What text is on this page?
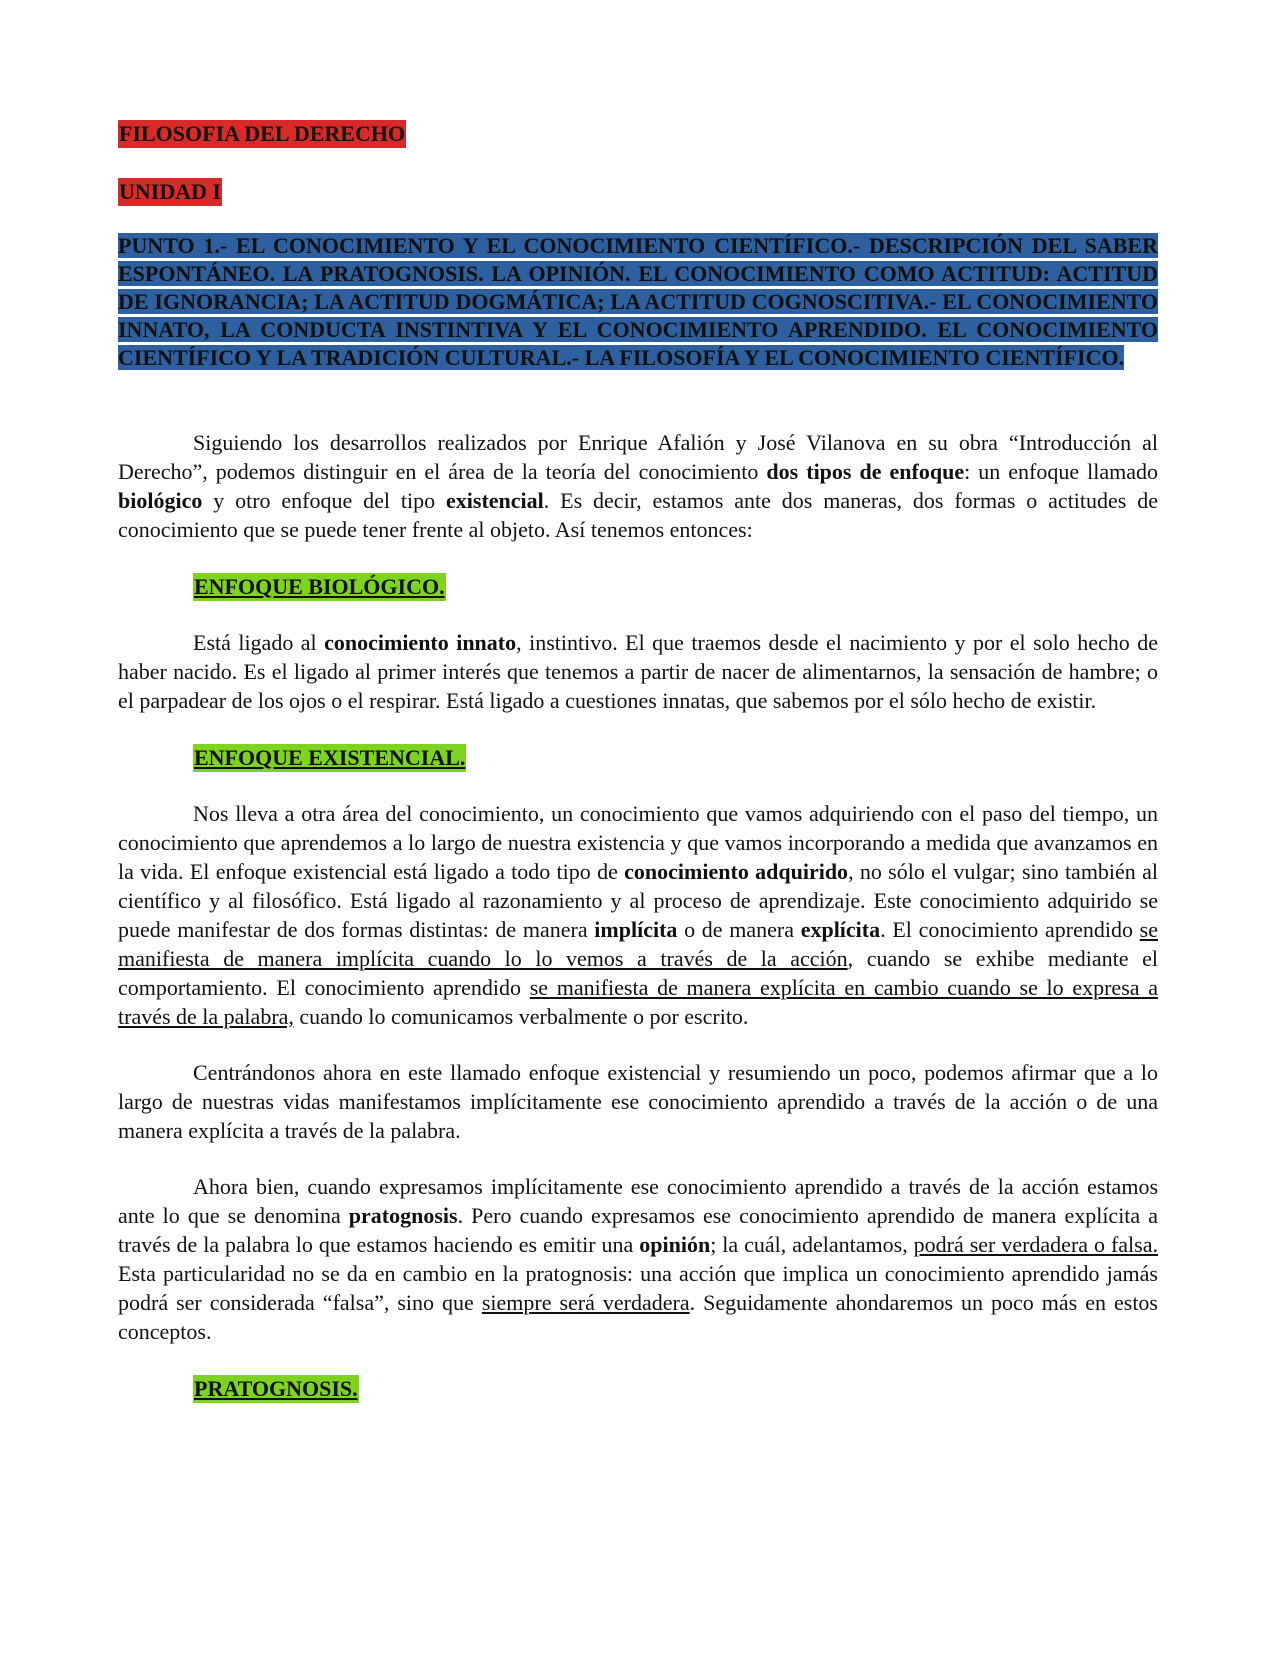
FILOSOFIA DEL DERECHO
UNIDAD I
PUNTO 1.- EL CONOCIMIENTO Y EL CONOCIMIENTO CIENTÍFICO.- DESCRIPCIÓN DEL SABER ESPONTÁNEO. LA PRATOGNOSIS. LA OPINIÓN. EL CONOCIMIENTO COMO ACTITUD: ACTITUD DE IGNORANCIA; LA ACTITUD DOGMÁTICA; LA ACTITUD COGNOSCITIVA.- EL CONOCIMIENTO INNATO, LA CONDUCTA INSTINTIVA Y EL CONOCIMIENTO APRENDIDO. EL CONOCIMIENTO CIENTÍFICO Y LA TRADICIÓN CULTURAL.- LA FILOSOFÍA Y EL CONOCIMIENTO CIENTÍFICO.

Siguiendo los desarrollos realizados por Enrique Afalión y José Vilanova en su obra “Introducción al Derecho”, podemos distinguir en el área de la teoría del conocimiento dos tipos de enfoque: un enfoque llamado biológico y otro enfoque del tipo existencial. Es decir, estamos ante dos maneras, dos formas o actitudes de conocimiento que se puede tener frente al objeto. Así tenemos entonces:

ENFOQUE BIOLÓGICO.

Está ligado al conocimiento innato, instintivo. El que traemos desde el nacimiento y por el solo hecho de haber nacido. Es el ligado al primer interés que tenemos a partir de nacer de alimentarnos, la sensación de hambre; o el parpadear de los ojos o el respirar. Está ligado a cuestiones innatas, que sabemos por el sólo hecho de existir.

ENFOQUE EXISTENCIAL.

Nos lleva a otra área del conocimiento, un conocimiento que vamos adquiriendo con el paso del tiempo, un conocimiento que aprendemos a lo largo de nuestra existencia y que vamos incorporando a medida que avanzamos en la vida. El enfoque existencial está ligado a todo tipo de conocimiento adquirido, no sólo el vulgar; sino también al científico y al filosófico. Está ligado al razonamiento y al proceso de aprendizaje. Este conocimiento adquirido se puede manifestar de dos formas distintas: de manera implícita o de manera explícita. El conocimiento aprendido se manifiesta de manera implícita cuando lo lo vemos a través de la acción, cuando se exhibe mediante el comportamiento. El conocimiento aprendido se manifiesta de manera explícita en cambio cuando se lo expresa a través de la palabra, cuando lo comunicamos verbalmente o por escrito.

Centrándonos ahora en este llamado enfoque existencial y resumiendo un poco, podemos afirmar que a lo largo de nuestras vidas manifestamos implícitamente ese conocimiento aprendido a través de la acción o de una manera explícita a través de la palabra.

Ahora bien, cuando expresamos implícitamente ese conocimiento aprendido a través de la acción estamos ante lo que se denomina pratognosis. Pero cuando expresamos ese conocimiento aprendido de manera explícita a través de la palabra lo que estamos haciendo es emitir una opinión; la cuál, adelantamos, podrá ser verdadera o falsa. Esta particularidad no se da en cambio en la pratognosis: una acción que implica un conocimiento aprendido jamás podrá ser considerada “falsa”, sino que siempre será verdadera. Seguidamente ahondaremos un poco más en estos conceptos.

PRATOGNOSIS.
